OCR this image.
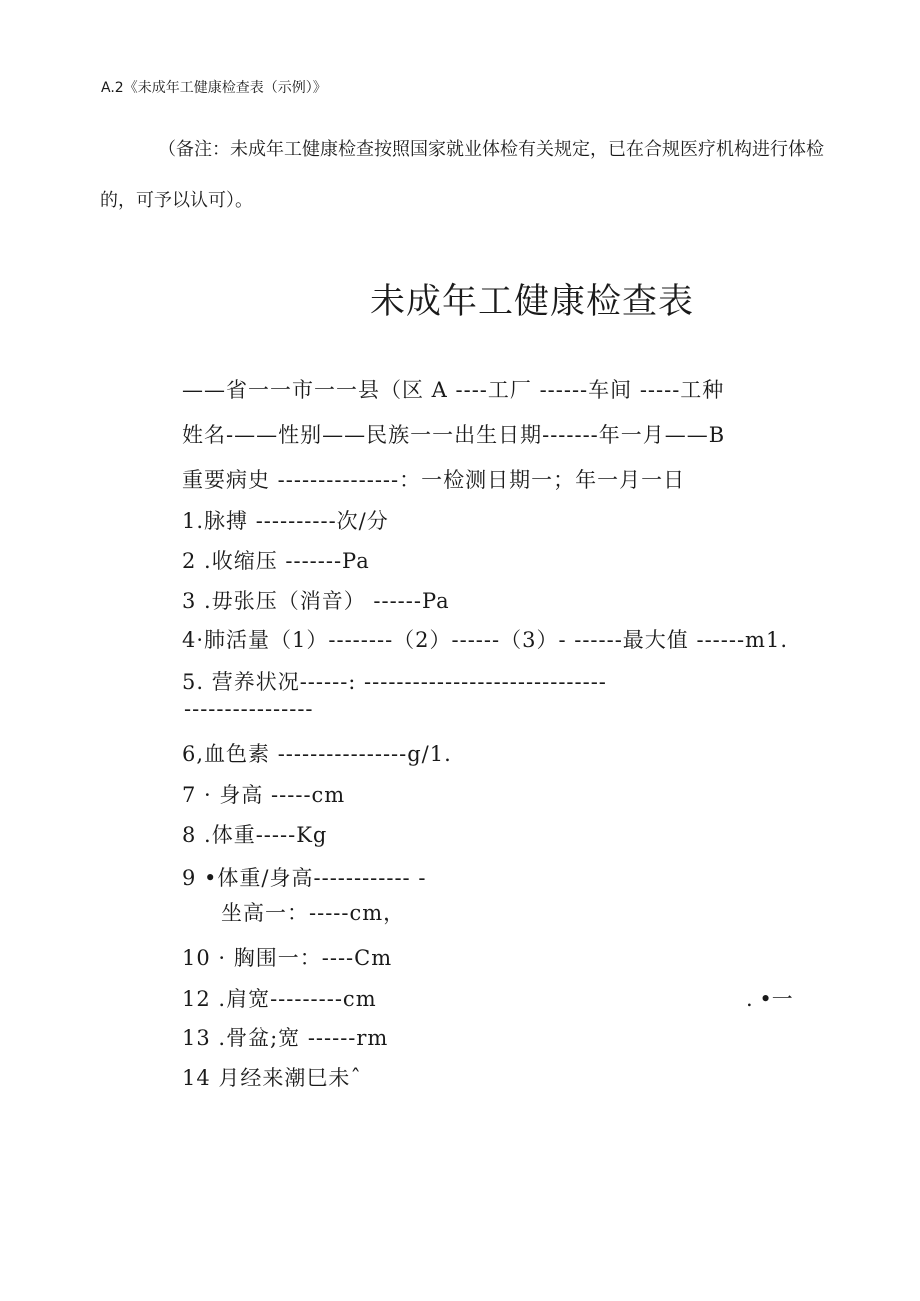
A.2《未成年工健康检查表（示例）》

（备注：未成年工健康检查按照国家就业体检有关规定，已在合规医疗机构进行体检的，可予以认可）。

未成年工健康检查表
——省一一市一一县（区 A ----工厂 ------车间 -----工种
姓名-——性别——民族一一出生日期-------年一月——B
重要病史 ---------------：一检测日期一；年一月一日
1.脉搏 ----------次/分
2 .收缩压 -------Pa
3 .毋张压（消音） ------Pa
4·肺活量（1）--------（2）------（3）- ------最大值 ------m1.
5. 营养状况------: ------------------------------
----------------
6,血色素 ----------------g/1.
7 · 身高 -----cm
8 .体重-----Kg
9 •体重/身高------------ -
坐高一：-----cm，
10 · 胸围一：----Cm
12 .肩宽---------cm	. •一
13 .骨盆;宽 ------rm
14 月经来潮巳未ˆ
